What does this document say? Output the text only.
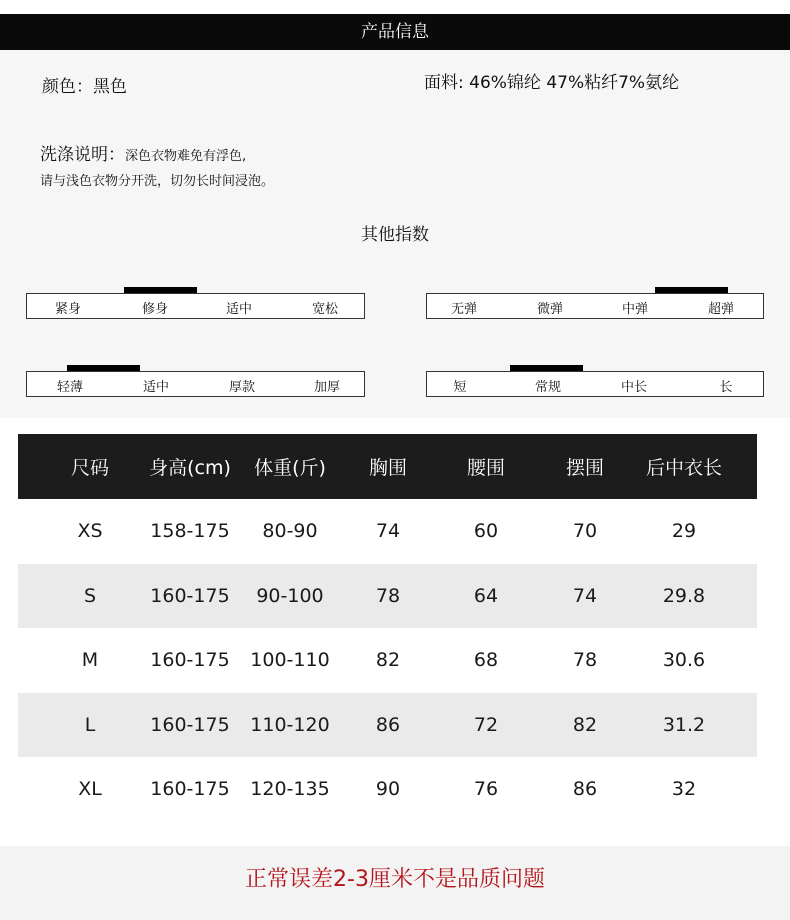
产品信息
颜色：黑色	面料: 46%锦纶 47%粘纤7%氨纶
洗涤说明：深色衣物难免有浮色,
请与浅色衣物分开洗，切勿长时间浸泡。
其他指数
紧身	修身	适中	宽松	无弹	微弹	中弹	超弹
轻薄	适中	厚款	加厚	短	常规	中长	长
尺码	身高(cm)	体重(斤)	胸围	腰围	摆围	后中衣长
XS	158-175	80-90	74	60	70	29
S	160-175	90-100	78	64	74	29.8
M	160-175	100-110	82	68	78	30.6
L	160-175	110-120	86	72	82	31.2
XL	160-175	120-135	90	76	86	32
正常误差2-3厘米不是品质问题
